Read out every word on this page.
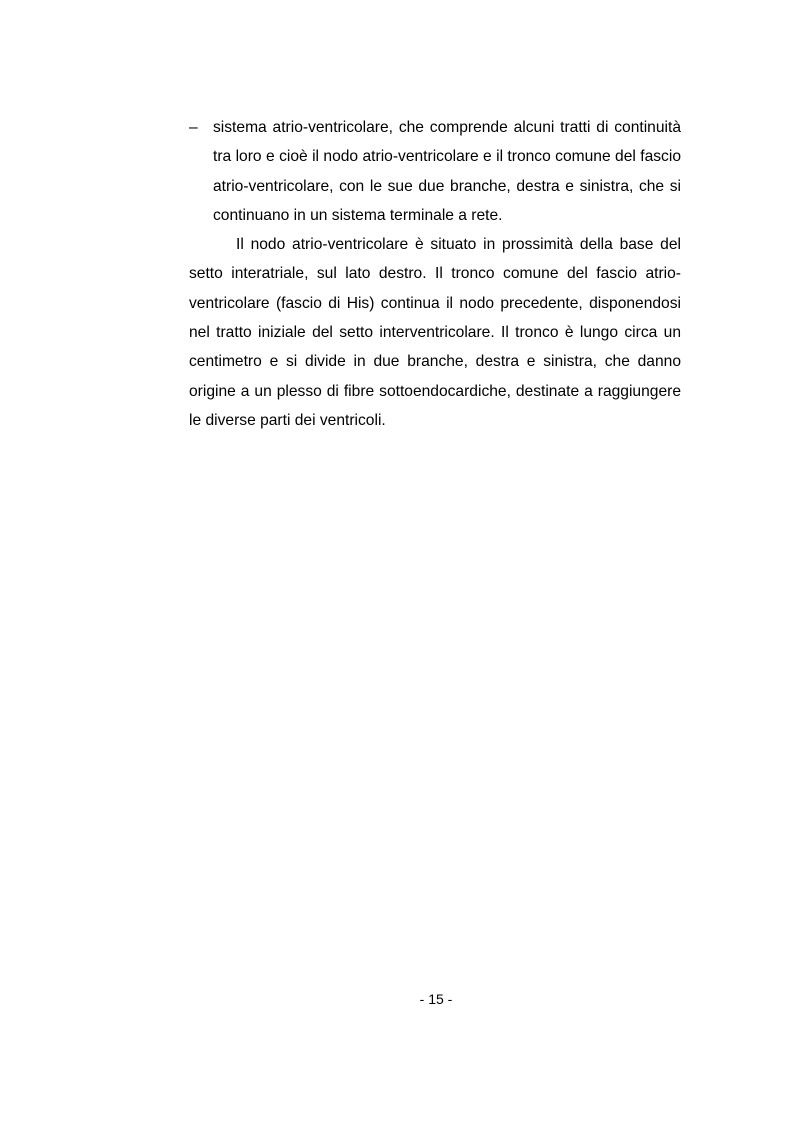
– sistema atrio-ventricolare, che comprende alcuni tratti di continuità tra loro e cioè il nodo atrio-ventricolare e il tronco comune del fascio atrio-ventricolare, con le sue due branche, destra e sinistra, che si continuano in un sistema terminale a rete.

Il nodo atrio-ventricolare è situato in prossimità della base del setto interatriale, sul lato destro. Il tronco comune del fascio atrio-ventricolare (fascio di His) continua il nodo precedente, disponendosi nel tratto iniziale del setto interventricolare. Il tronco è lungo circa un centimetro e si divide in due branche, destra e sinistra, che danno origine a un plesso di fibre sottoendocardiche, destinate a raggiungere le diverse parti dei ventricoli.

- 15 -
